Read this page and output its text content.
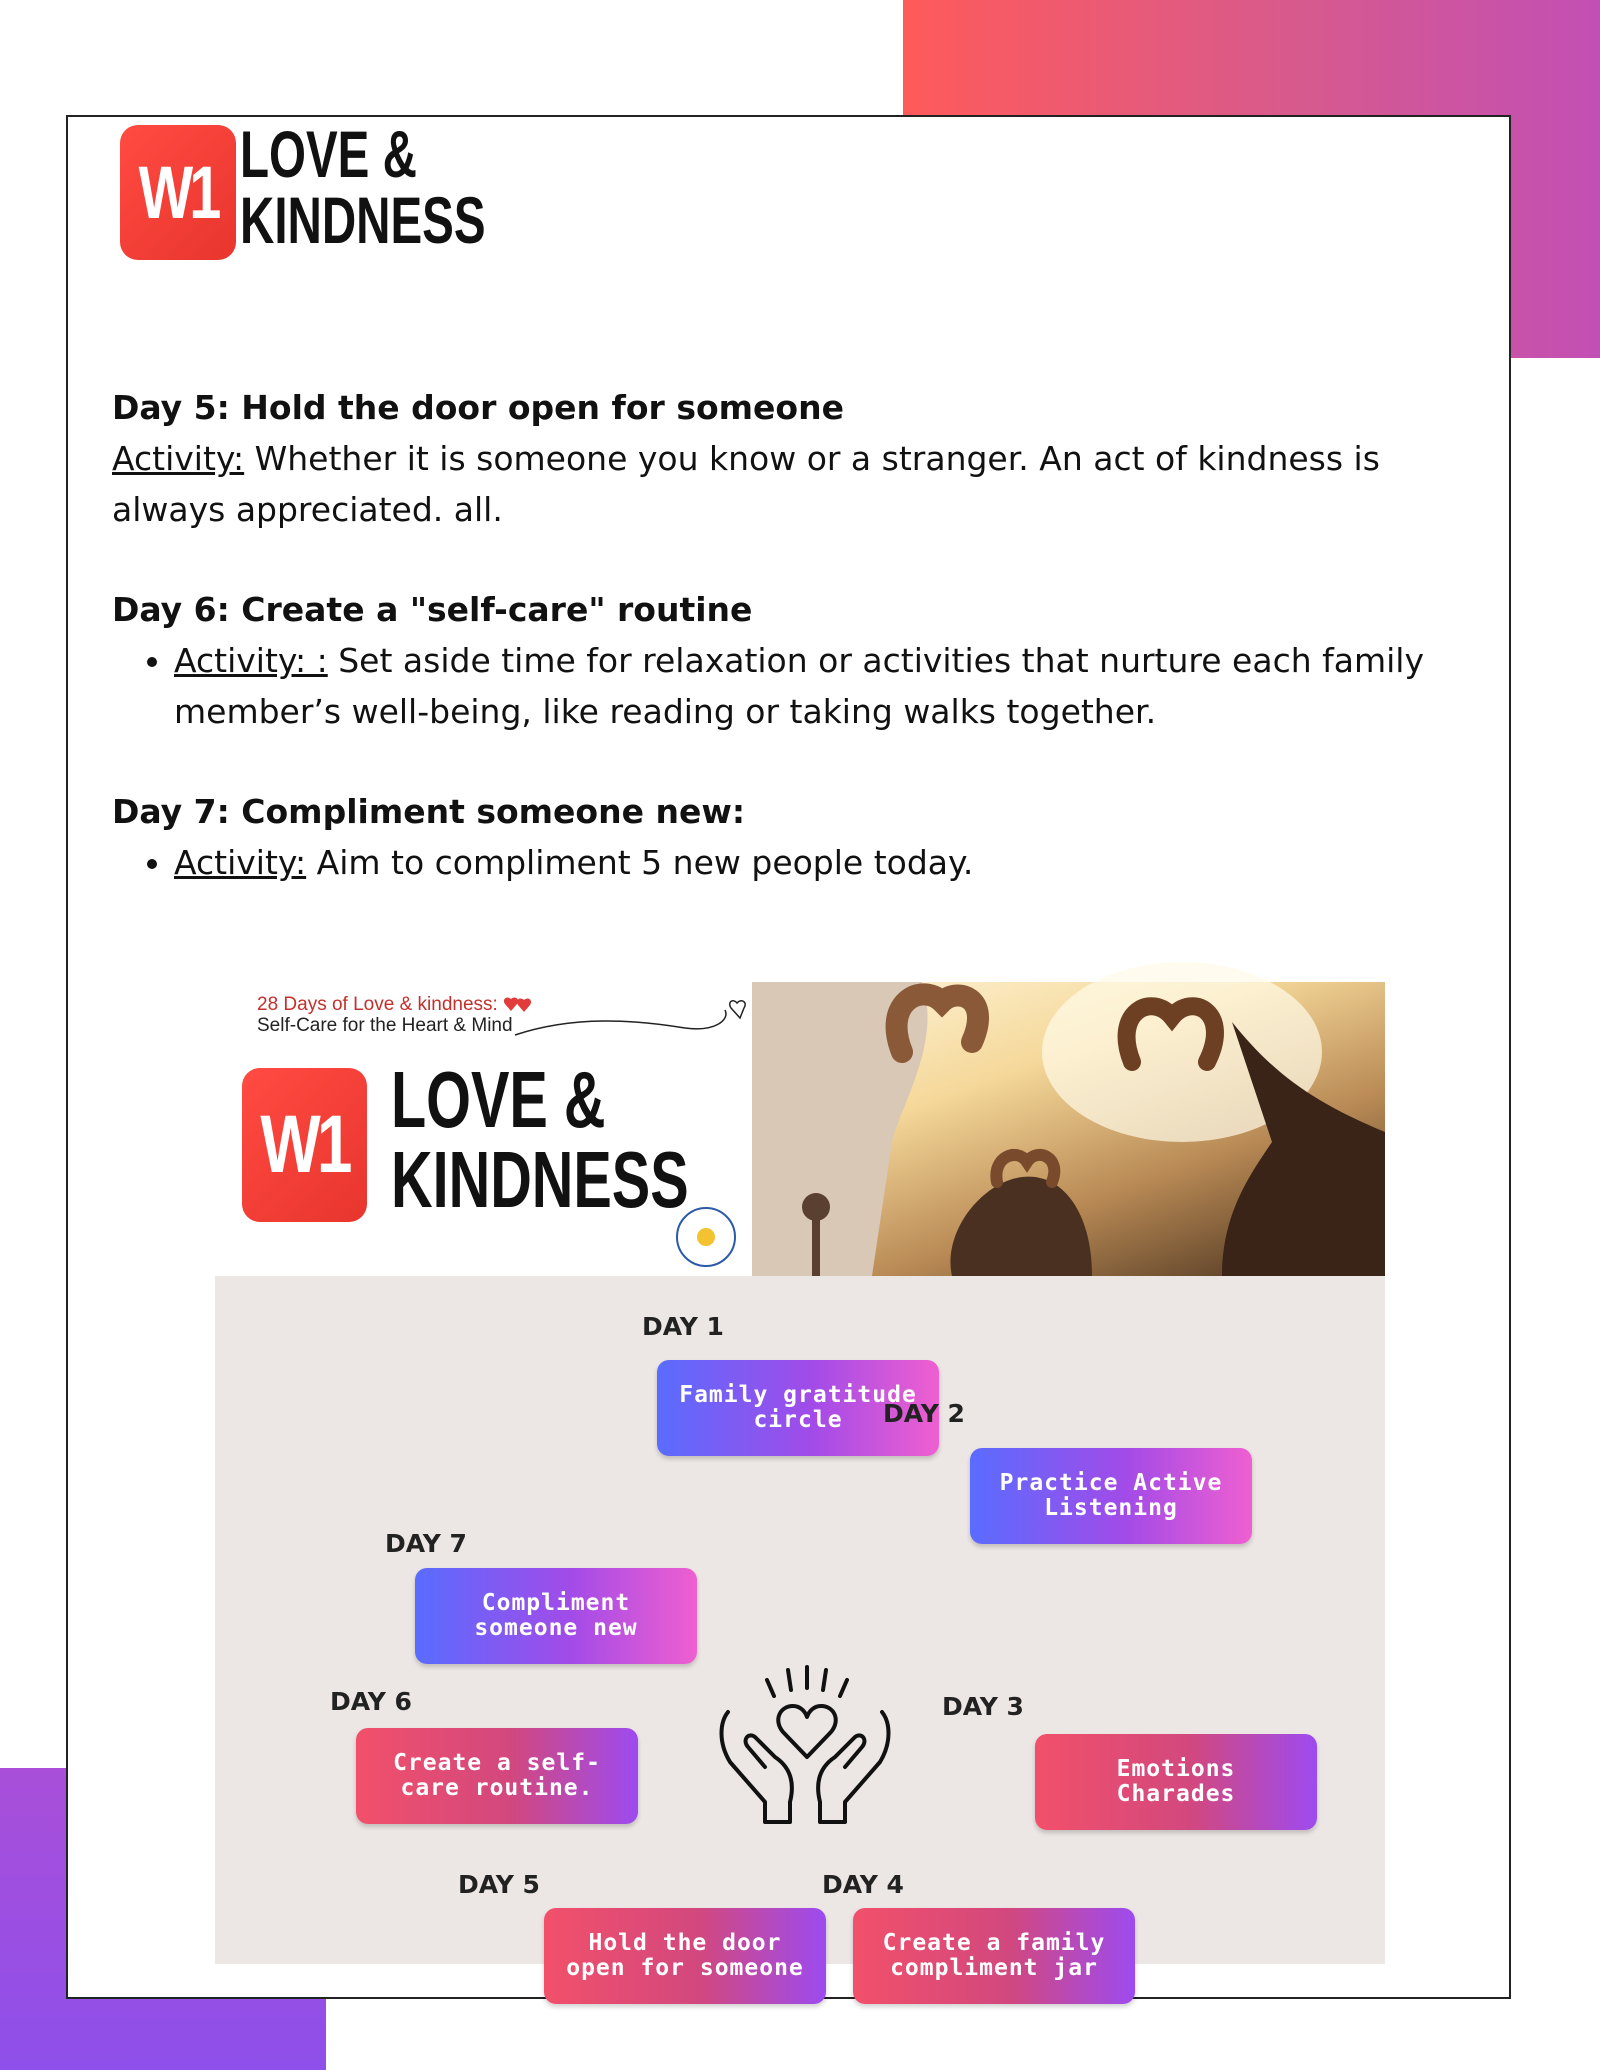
W1 LOVE &
KINDNESS

Day 5: Hold the door open for someone

Activity: Whether it is someone you know or a stranger. An act of kindness is always appreciated. all.

Day 6: Create a "self-care" routine

• Activity: : Set aside time for relaxation or activities that nurture each family member’s well-being, like reading or taking walks together.

Day 7: Compliment someone new:

• Activity: Aim to compliment 5 new people today.
28 Days of Love & kindness:
Self-Care for the Heart & Mind
W1 LOVE &
KINDNESS
DAY 1
Family gratitude circle	DAY 2
Practice Active Listening
DAY 3
Emotions Charades
DAY 4
Create a family compliment jar
DAY 5
Hold the door open for someone
DAY 6
Create a self-care routine.
DAY 7
Compliment someone new
